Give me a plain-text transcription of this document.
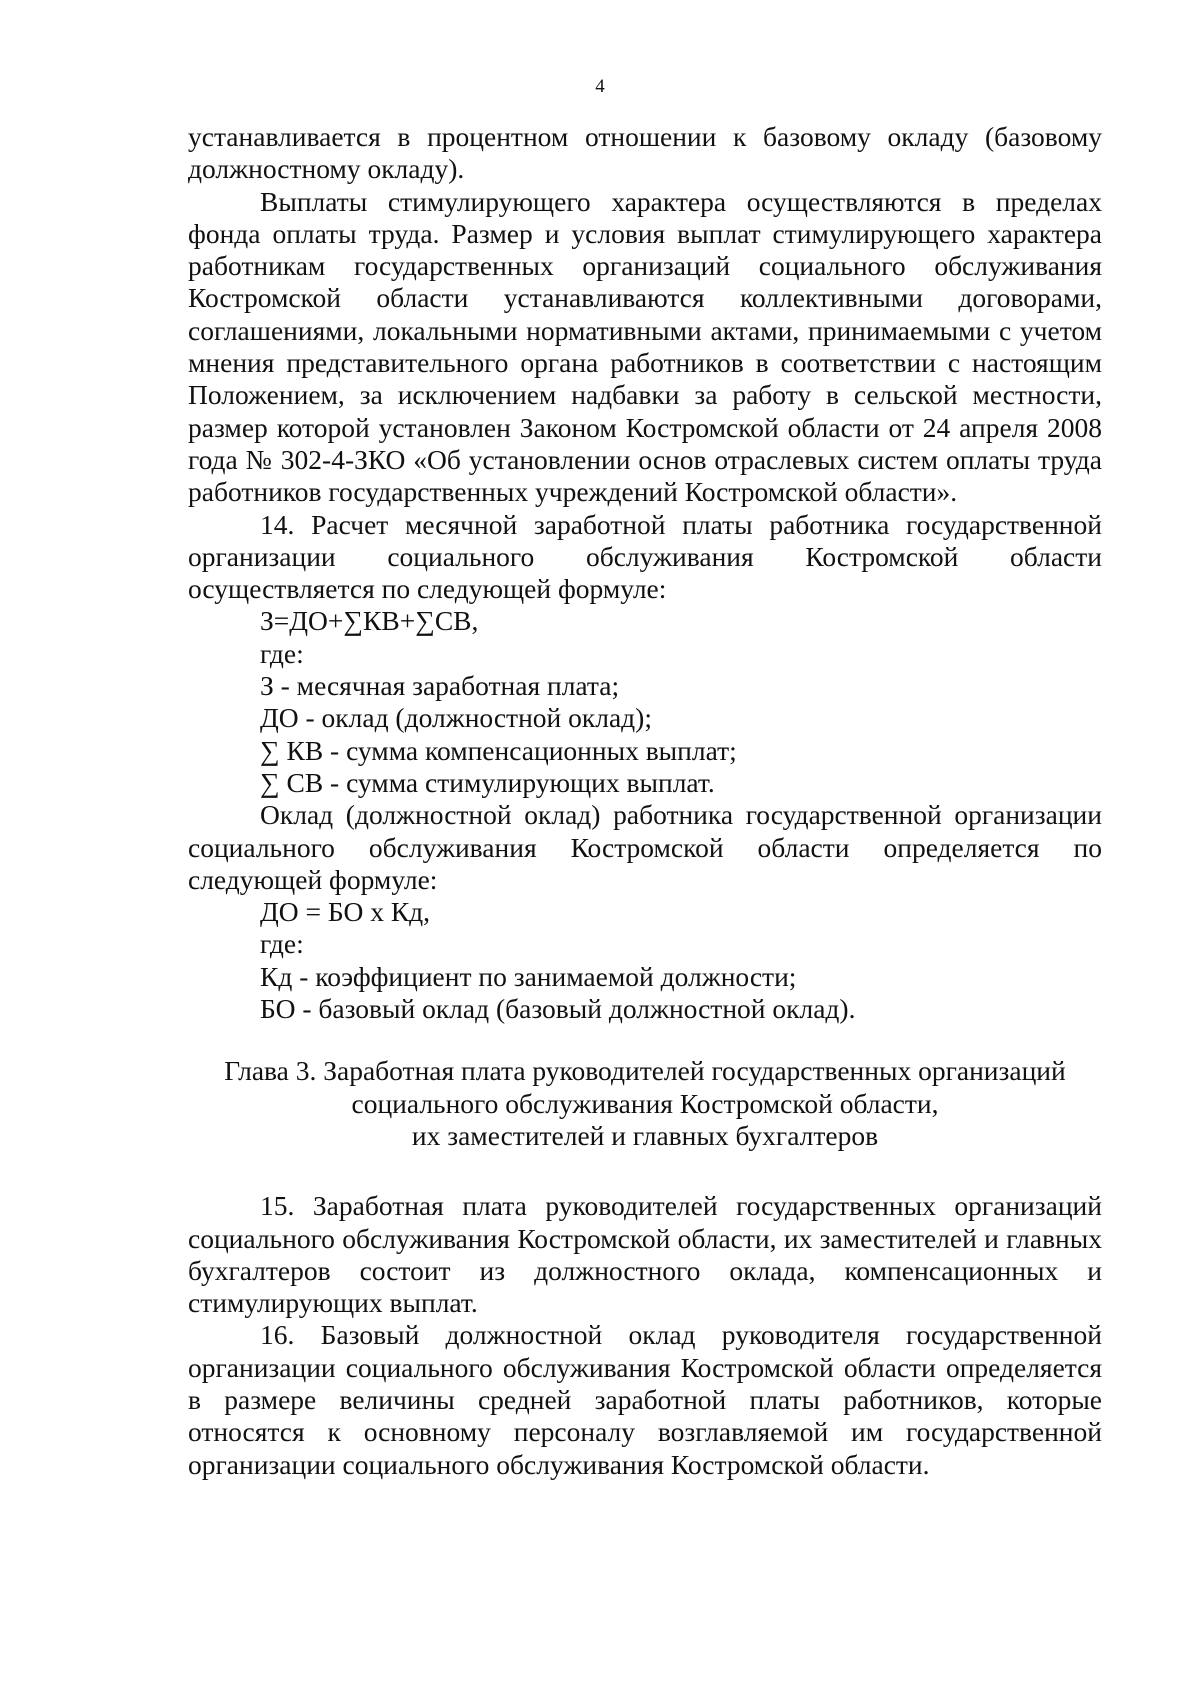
4

устанавливается в процентном отношении к базовому окладу (базовому должностному окладу).

Выплаты стимулирующего характера осуществляются в пределах фонда оплаты труда. Размер и условия выплат стимулирующего характера работникам государственных организаций социального обслуживания Костромской области устанавливаются коллективными договорами, соглашениями, локальными нормативными актами, принимаемыми с учетом мнения представительного органа работников в соответствии с настоящим Положением, за исключением надбавки за работу в сельской местности, размер которой установлен Законом Костромской области от 24 апреля 2008 года № 302-4-ЗКО «Об установлении основ отраслевых систем оплаты труда работников государственных учреждений Костромской области».

14. Расчет месячной заработной платы работника государственной организации социального обслуживания Костромской области осуществляется по следующей формуле:

З=ДО+∑КВ+∑СВ,

где:

З - месячная заработная плата;

ДО - оклад (должностной оклад);

∑ КВ - сумма компенсационных выплат;

∑ СВ - сумма стимулирующих выплат.

Оклад (должностной оклад) работника государственной организации социального обслуживания Костромской области определяется по следующей формуле:

ДО = БО х Кд,

где:

Кд - коэффициент по занимаемой должности;

БО - базовый оклад (базовый должностной оклад).

Глава 3. Заработная плата руководителей государственных организаций
социального обслуживания Костромской области,
их заместителей и главных бухгалтеров

15. Заработная плата руководителей государственных организаций социального обслуживания Костромской области, их заместителей и главных бухгалтеров состоит из должностного оклада, компенсационных и стимулирующих выплат.

16. Базовый должностной оклад руководителя государственной организации социального обслуживания Костромской области определяется в размере величины средней заработной платы работников, которые относятся к основному персоналу возглавляемой им государственной организации социального обслуживания Костромской области.
